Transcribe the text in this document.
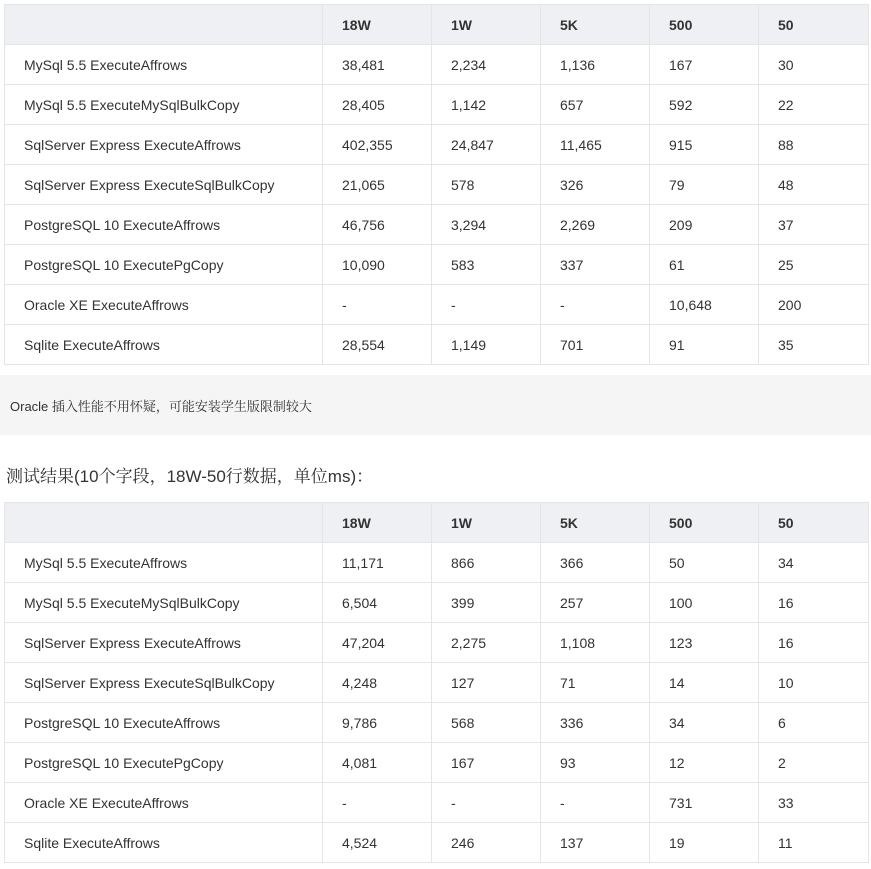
	18W	1W	5K	500	50
MySql 5.5 ExecuteAffrows	38,481	2,234	1,136	167	30
MySql 5.5 ExecuteMySqlBulkCopy	28,405	1,142	657	592	22
SqlServer Express ExecuteAffrows	402,355	24,847	11,465	915	88
SqlServer Express ExecuteSqlBulkCopy	21,065	578	326	79	48
PostgreSQL 10 ExecuteAffrows	46,756	3,294	2,269	209	37
PostgreSQL 10 ExecutePgCopy	10,090	583	337	61	25
Oracle XE ExecuteAffrows	-	-	-	10,648	200
Sqlite ExecuteAffrows	28,554	1,149	701	91	35
Oracle 插入性能不用怀疑，可能安装学生版限制较大
测试结果(10个字段，18W-50行数据，单位ms)：
	18W	1W	5K	500	50
MySql 5.5 ExecuteAffrows	11,171	866	366	50	34
MySql 5.5 ExecuteMySqlBulkCopy	6,504	399	257	100	16
SqlServer Express ExecuteAffrows	47,204	2,275	1,108	123	16
SqlServer Express ExecuteSqlBulkCopy	4,248	127	71	14	10
PostgreSQL 10 ExecuteAffrows	9,786	568	336	34	6
PostgreSQL 10 ExecutePgCopy	4,081	167	93	12	2
Oracle XE ExecuteAffrows	-	-	-	731	33
Sqlite ExecuteAffrows	4,524	246	137	19	11
